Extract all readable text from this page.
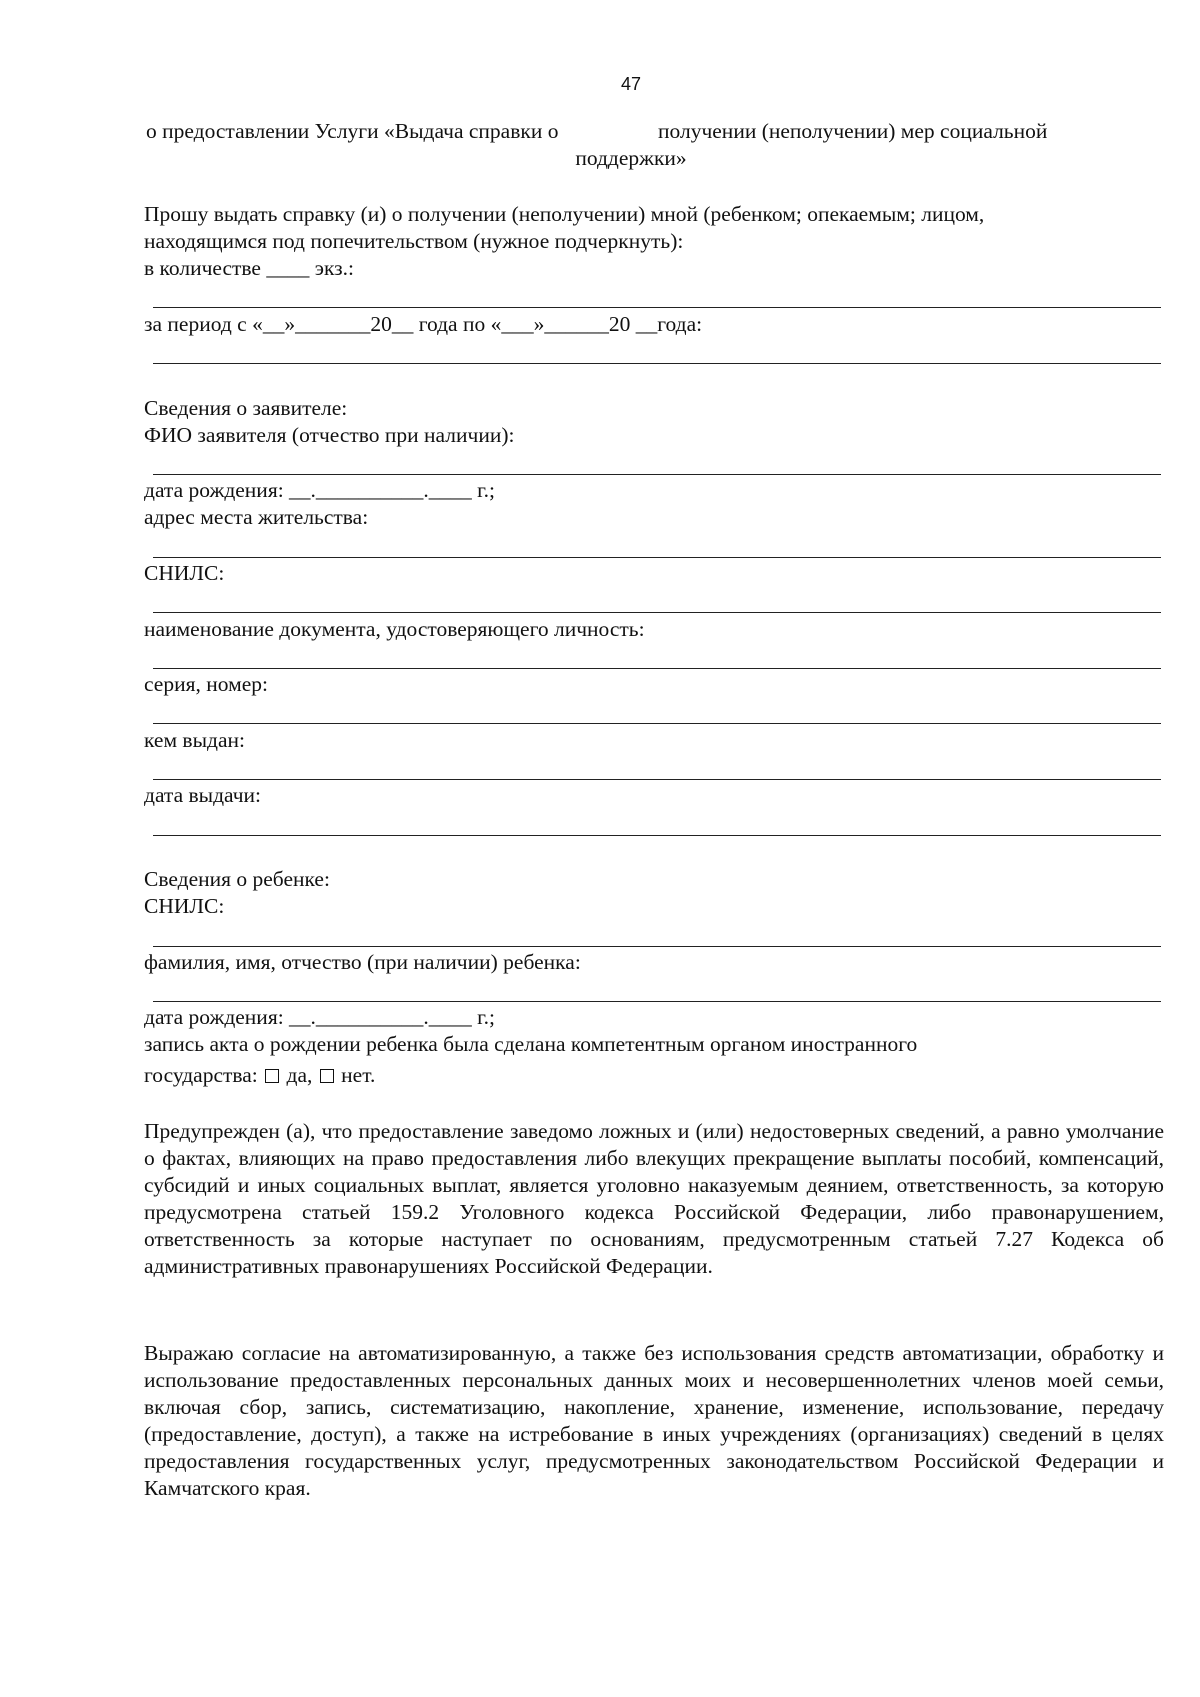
47

о предоставлении Услуги «Выдача справки о	получении (неполучении) мер социальной

поддержки»

Прошу выдать справку (и) о получении (неполучении) мной (ребенком; опекаемым; лицом,

находящимся под попечительством (нужное подчеркнуть):

в количестве ____ экз.:

за период с «__»_______20__ года по «___»______20 __года:

Сведения о заявителе:

ФИО заявителя (отчество при наличии):

дата рождения: __.__________.____ г.;

адрес места жительства:

СНИЛС:

наименование документа, удостоверяющего личность:

серия, номер:

кем выдан:

дата выдачи:

Сведения о ребенке:

СНИЛС:

фамилия, имя, отчество (при наличии) ребенка:

дата рождения: __.__________.____ г.;

запись акта о рождении ребенка была сделана компетентным органом иностранного

государства: да, нет.

Предупрежден (а), что предоставление заведомо ложных и (или) недостоверных сведений, а равно умолчание о фактах, влияющих на право предоставления либо влекущих прекращение выплаты пособий, компенсаций, субсидий и иных социальных выплат, является уголовно наказуемым деянием, ответственность, за которую предусмотрена статьей 159.2 Уголовного кодекса Российской Федерации, либо правонарушением, ответственность за которые наступает по основаниям, предусмотренным статьей 7.27 Кодекса об административных правонарушениях Российской Федерации.

Выражаю согласие на автоматизированную, а также без использования средств автоматизации, обработку и использование предоставленных персональных данных моих и несовершеннолетних членов моей семьи, включая сбор, запись, систематизацию, накопление, хранение, изменение, использование, передачу (предоставление, доступ), а также на истребование в иных учреждениях (организациях) сведений в целях предоставления государственных услуг, предусмотренных законодательством Российской Федерации и Камчатского края.
